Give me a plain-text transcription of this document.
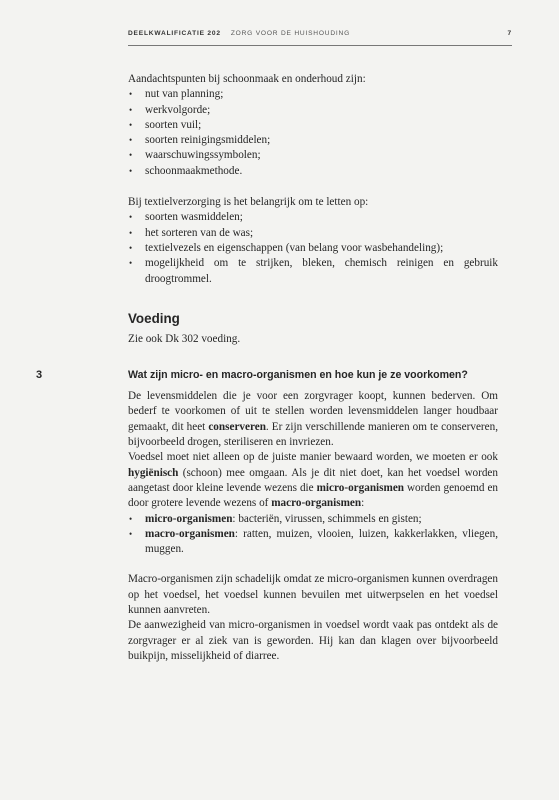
DEELKWALIFICATIE 202 ZORG VOOR DE HUISHOUDING	7

Aandachtspunten bij schoonmaak en onderhoud zijn:

• nut van planning;
• werkvolgorde;
• soorten vuil;
• soorten reinigingsmiddelen;
• waarschuwingssymbolen;
• schoonmaakmethode.

Bij textielverzorging is het belangrijk om te letten op:

• soorten wasmiddelen;
• het sorteren van de was;
• textielvezels en eigenschappen (van belang voor wasbehandeling);
• mogelijkheid om te strijken, bleken, chemisch reinigen en gebruik droogtrommel.
Voeding

Zie ook Dk 302 voeding.

3	Wat zijn micro- en macro-organismen en hoe kun je ze voorkomen?

De levensmiddelen die je voor een zorgvrager koopt, kunnen bederven. Om bederf te voorkomen of uit te stellen worden levensmiddelen langer houdbaar gemaakt, dit heet conserveren. Er zijn verschillende manieren om te conserveren, bijvoorbeeld drogen, steriliseren en invriezen.

Voedsel moet niet alleen op de juiste manier bewaard worden, we moeten er ook hygiënisch (schoon) mee omgaan. Als je dit niet doet, kan het voedsel worden aangetast door kleine levende wezens die micro-organismen worden genoemd en door grotere levende wezens of macro-organismen:

• micro-organismen: bacteriën, virussen, schimmels en gisten;
• macro-organismen: ratten, muizen, vlooien, luizen, kakkerlakken, vliegen, muggen.

Macro-organismen zijn schadelijk omdat ze micro-organismen kunnen overdragen op het voedsel, het voedsel kunnen bevuilen met uitwerpselen en het voedsel kunnen aanvreten.

De aanwezigheid van micro-organismen in voedsel wordt vaak pas ontdekt als de zorgvrager er al ziek van is geworden. Hij kan dan klagen over bijvoorbeeld buikpijn, misselijkheid of diarree.
